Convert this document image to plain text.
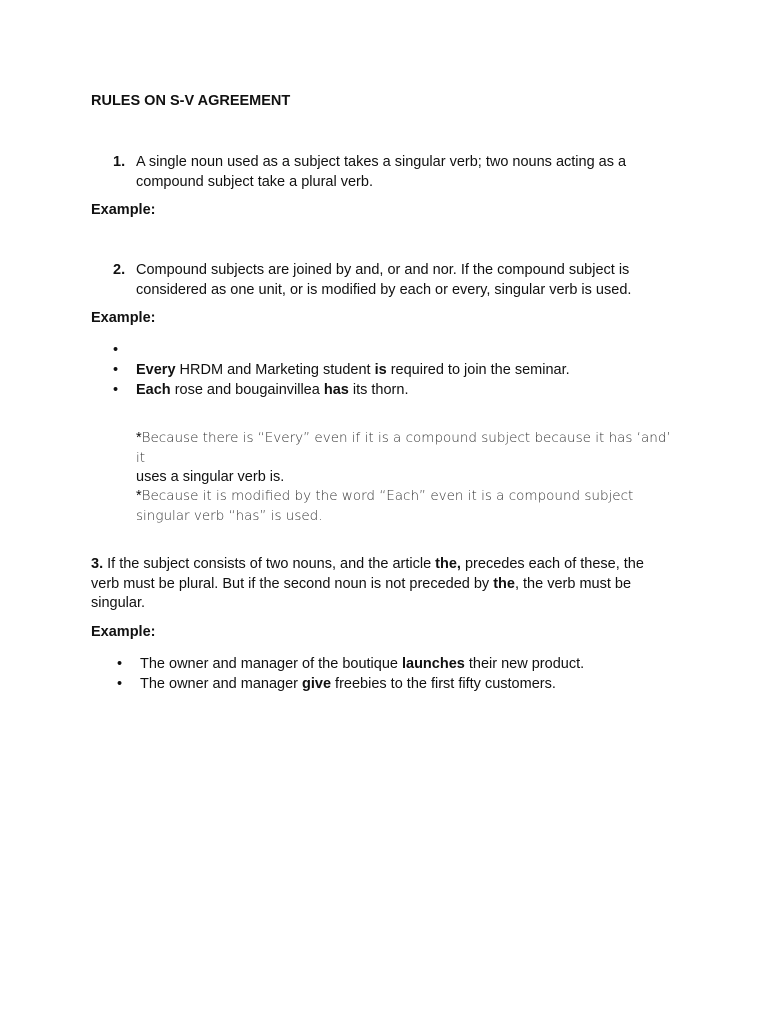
RULES ON S-V AGREEMENT
1. A single noun used as a subject takes a singular verb; two nouns acting as a compound subject take a plural verb.
Example:
2. Compound subjects are joined by and, or and nor. If the compound subject is considered as one unit, or is modified by each or every, singular verb is used.
Example:
•
•	Every HRDM and Marketing student is required to join the seminar.
•	Each rose and bougainvillea has its thorn.
*Because there is “Every” even if it is a compound subject because it has ‘and’ it
uses a singular verb is.
*Because it is modified by the word “Each” even it is a compound subject
singular verb “has” is used.
3. If the subject consists of two nouns, and the article the, precedes each of these, the verb must be plural. But if the second noun is not preceded by the, the verb must be singular.
Example:
•	The owner and manager of the boutique launches their new product.
•	The owner and manager give freebies to the first fifty customers.
